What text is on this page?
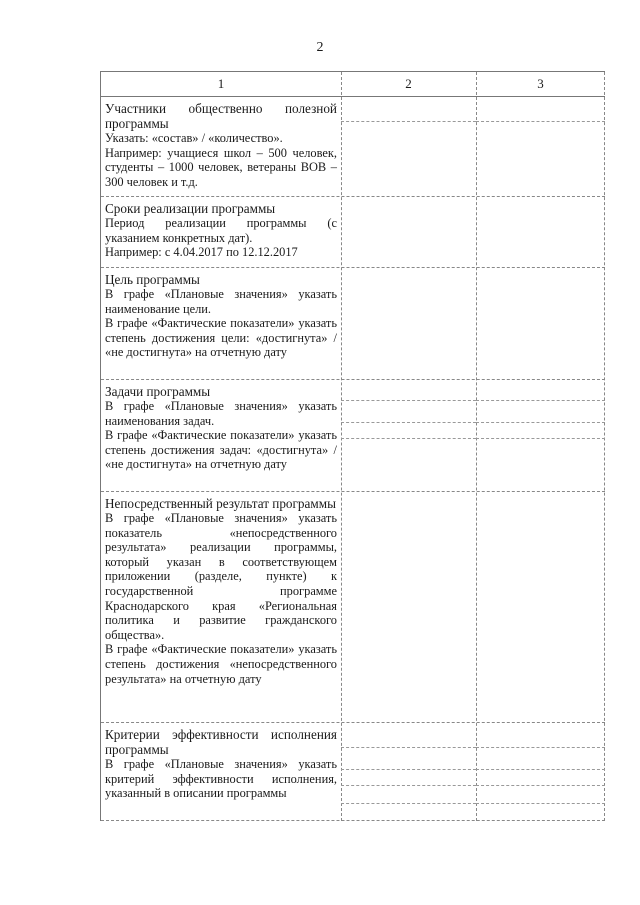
2
1	2	3
Участники общественно полезной программы
Указать: «состав» / «количество».
Например: учащиеся школ – 500 человек, студенты – 1000 человек, ветераны ВОВ – 300 человек и т.д.
Сроки реализации программы
Период реализации программы (с указанием конкретных дат).
Например: с 4.04.2017 по 12.12.2017
Цель программы
В графе «Плановые значения» указать наименование цели.
В графе «Фактические показатели» указать степень достижения цели: «достигнута» / «не достигнута» на отчетную дату
Задачи программы
В графе «Плановые значения» указать наименования задач.
В графе «Фактические показатели» указать степень достижения задач: «достигнута» / «не достигнута» на отчетную дату
Непосредственный результат программы
В графе «Плановые значения» указать показатель «непосредственного результата» реализации программы, который указан в соответствующем приложении (разделе, пункте) к государственной программе Краснодарского края «Региональная политика и развитие гражданского общества».
В графе «Фактические показатели» указать степень достижения «непосредственного результата» на отчетную дату
Критерии эффективности исполнения программы
В графе «Плановые значения» указать критерий эффективности исполнения, указанный в описании программы
